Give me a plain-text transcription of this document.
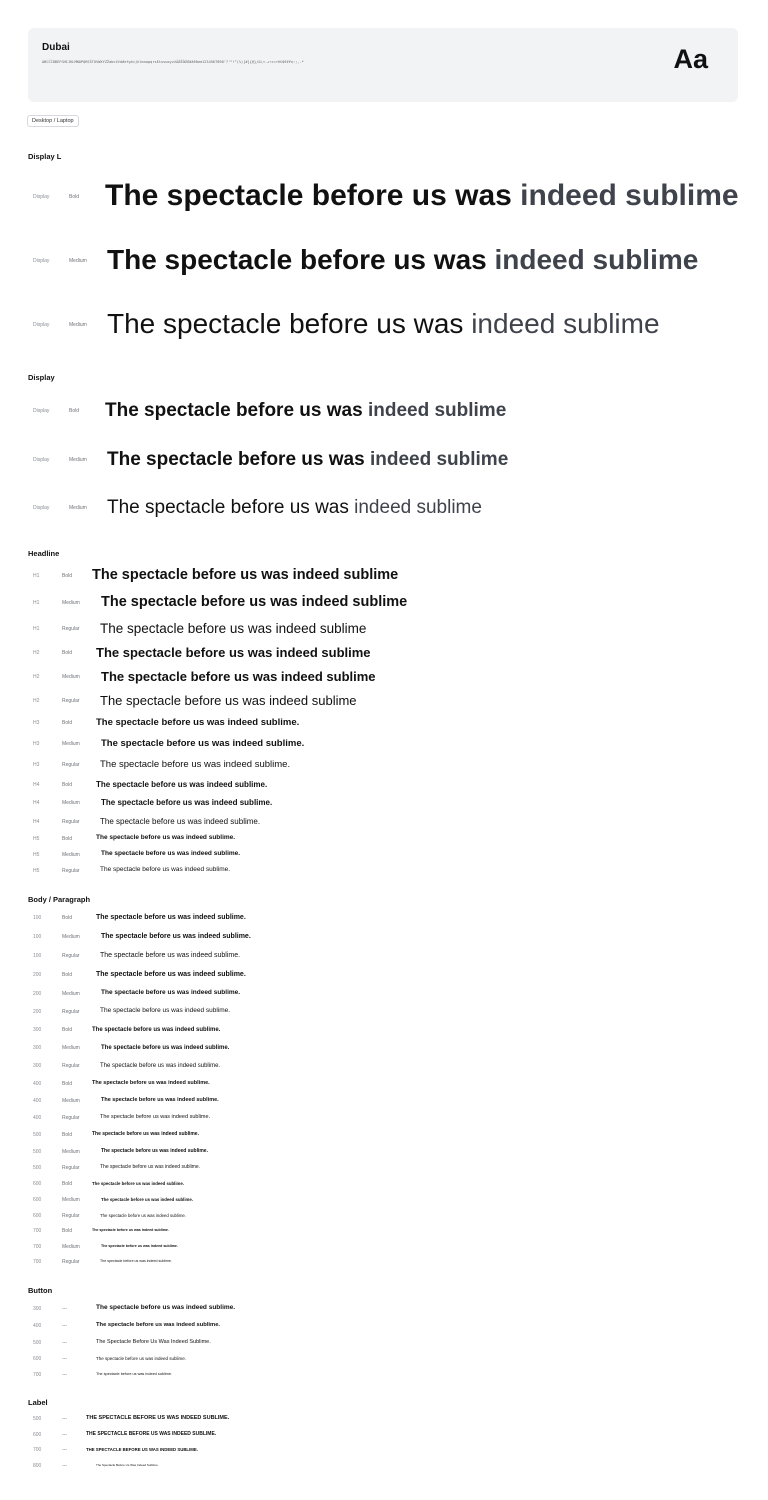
Dubai
ABCČĆDĐEFGHIJKLMNOPQRSŠTUVWXYZŽabcčćdđefghijklmnopqrsštuvwxyzžĂÂÊÔƠƯăâêôơư1234567890‘?’“!”(%)[#]{@}/&\<-+÷×=>®©$€£¥¢:;,.*	Aa
Desktop / Laptop
Display L
Display
Headline
Body / Paragraph
Button
Label
Display	Bold The spectacle before us was indeed sublime
Display	Medium The spectacle before us was indeed sublime
Display	Medium The spectacle before us was indeed sublime
Display	Bold The spectacle before us was indeed sublime
Display	Medium The spectacle before us was indeed sublime
Display	Medium The spectacle before us was indeed sublime
H1	Bold The spectacle before us was indeed sublime
H1	Medium The spectacle before us was indeed sublime
H1	Regular The spectacle before us was indeed sublime
H2	Bold The spectacle before us was indeed sublime
H2	Medium The spectacle before us was indeed sublime
H2	Regular The spectacle before us was indeed sublime
H3	Bold	The spectacle before us was indeed sublime.
H3	Medium The spectacle before us was indeed sublime.
H3	Regular The spectacle before us was indeed sublime.
H4	Bold	The spectacle before us was indeed sublime.
H4	Medium	The spectacle before us was indeed sublime.
H4	Regular	The spectacle before us was indeed sublime.
H5	Bold	The spectacle before us was indeed sublime.
H5	Medium	The spectacle before us was indeed sublime.
H5	Regular	The spectacle before us was indeed sublime.
100	Bold	The spectacle before us was indeed sublime.
100	Medium	The spectacle before us was indeed sublime.
100	Regular	The spectacle before us was indeed sublime.
200	Bold	The spectacle before us was indeed sublime.
200	Medium	The spectacle before us was indeed sublime.
200	Regular	The spectacle before us was indeed sublime.
300	Bold	The spectacle before us was indeed sublime.
300	Medium	The spectacle before us was indeed sublime.
300	Regular	The spectacle before us was indeed sublime.
400	Bold	The spectacle before us was indeed sublime.
400	Medium	The spectacle before us was indeed sublime.
400	Regular	The spectacle before us was indeed sublime.
500	Bold	The spectacle before us was indeed sublime.
500	Medium	The spectacle before us was indeed sublime.
500	Regular	The spectacle before us was indeed sublime.
600	Bold	The spectacle before us was indeed sublime.
600	Medium	The spectacle before us was indeed sublime.
600	Regular	The spectacle before us was indeed sublime.
700	Bold	The spectacle before us was indeed sublime.
700	Medium	The spectacle before us was indeed sublime.
700	Regular	The spectacle before us was indeed sublime.
300	---	The spectacle before us was indeed sublime.
400	---	The spectacle before us was indeed sublime.
500	---	The Spectacle Before Us Was Indeed Sublime.
600	---	The spectacle before us was indeed sublime.
700	---	The spectacle before us was indeed sublime.
500	---	THE SPECTACLE BEFORE US WAS INDEED SUBLIME.
600	---	THE SPECTACLE BEFORE US WAS INDEED SUBLIME.
700	---	THE SPECTACLE BEFORE US WAS INDEED SUBLIME.
800	---	The Spectacle Before Us Was Indeed Sublime.
